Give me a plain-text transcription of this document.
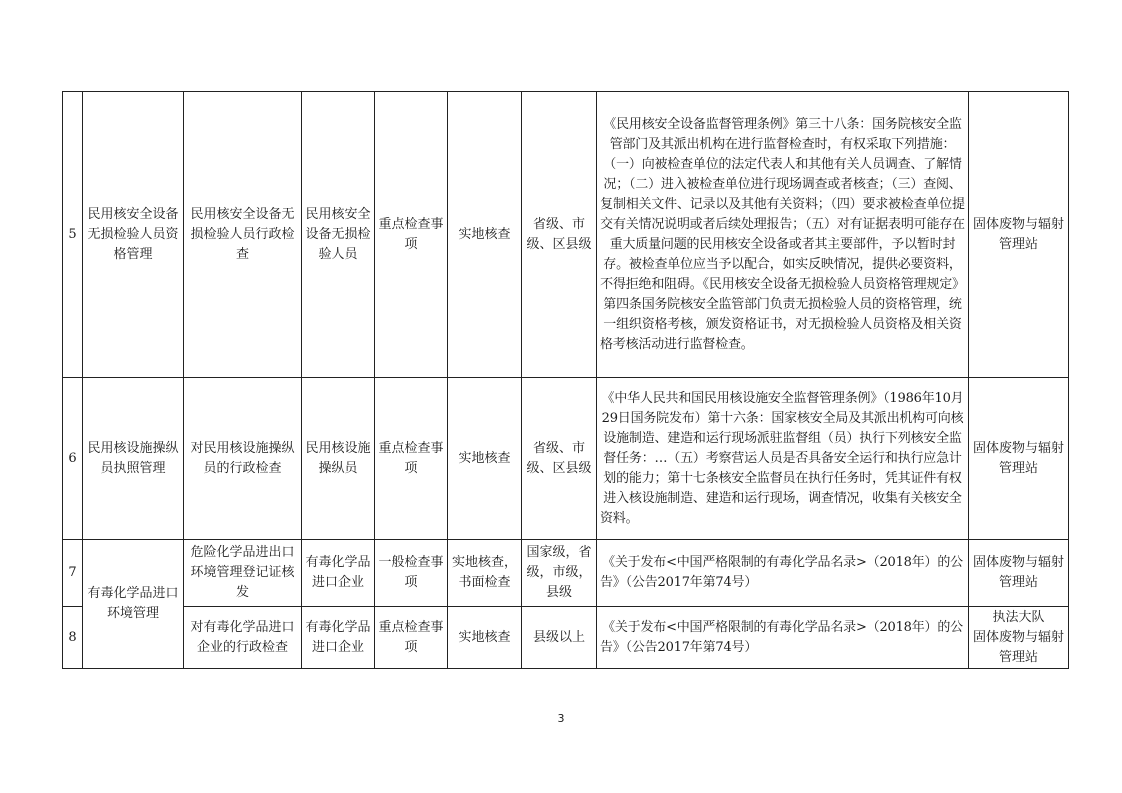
5	民用核安全设备无损检验人员资格管理	民用核安全设备无损检验人员行政检查	民用核安全设备无损检验人员	重点检查事项	实地核查	省级、市级、区县级	《民用核安全设备监督管理条例》第三十八条：国务院核安全监管部门及其派出机构在进行监督检查时，有权采取下列措施：（一）向被检查单位的法定代表人和其他有关人员调查、了解情况；（二）进入被检查单位进行现场调查或者核查；（三）查阅、复制相关文件、记录以及其他有关资料；（四）要求被检查单位提交有关情况说明或者后续处理报告；（五）对有证据表明可能存在重大质量问题的民用核安全设备或者其主要部件，予以暂时封存。被检查单位应当予以配合，如实反映情况，提供必要资料，不得拒绝和阻碍。《民用核安全设备无损检验人员资格管理规定》第四条国务院核安全监管部门负责无损检验人员的资格管理，统一组织资格考核，颁发资格证书，对无损检验人员资格及相关资格考核活动进行监督检查。	固体废物与辐射管理站
6	民用核设施操纵员执照管理	对民用核设施操纵员的行政检查	民用核设施操纵员	重点检查事项	实地核查	省级、市级、区县级	《中华人民共和国民用核设施安全监督管理条例》（1986年10月29日国务院发布）第十六条：国家核安全局及其派出机构可向核设施制造、建造和运行现场派驻监督组（员）执行下列核安全监督任务：…（五）考察营运人员是否具备安全运行和执行应急计划的能力；第十七条核安全监督员在执行任务时，凭其证件有权进入核设施制造、建造和运行现场，调查情况，收集有关核安全资料。	固体废物与辐射管理站
7	有毒化学品进口环境管理	危险化学品进出口环境管理登记证核发	有毒化学品进口企业	一般检查事项	实地核查，书面检查	国家级，省级，市级，县级	《关于发布<中国严格限制的有毒化学品名录>（2018年）的公告》（公告2017年第74号）	固体废物与辐射管理站
8		对有毒化学品进口企业的行政检查	有毒化学品进口企业	重点检查事项	实地核查	县级以上	《关于发布<中国严格限制的有毒化学品名录>（2018年）的公告》（公告2017年第74号）	执法大队
固体废物与辐射管理站
3
